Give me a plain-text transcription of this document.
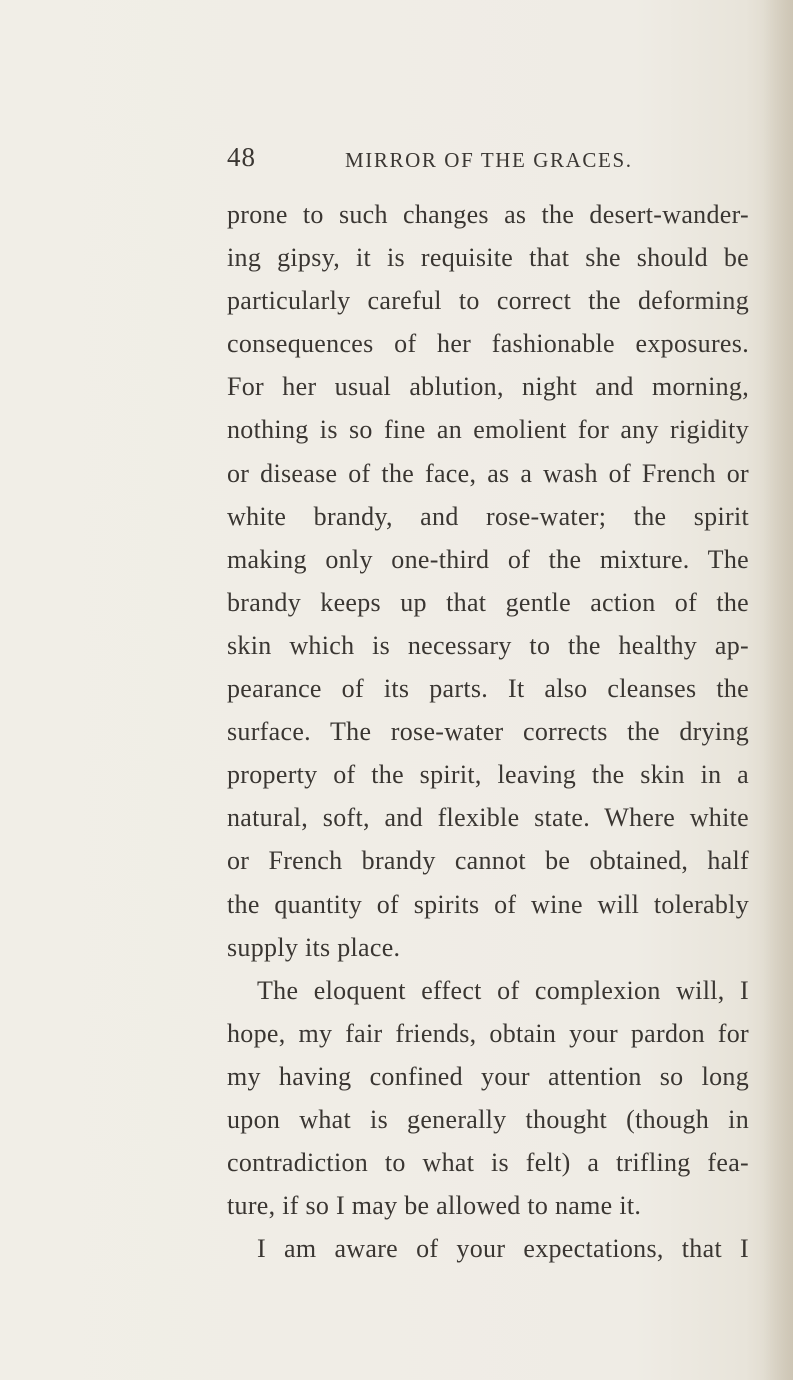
48	MIRROR OF THE GRACES.
prone to such changes as the desert-wander-
ing gipsy, it is requisite that she should be
particularly careful to correct the deforming
consequences of her fashionable exposures.
For her usual ablution, night and morning,
nothing is so fine an emolient for any rigidity
or disease of the face, as a wash of French or
white brandy, and rose-water; the spirit
making only one-third of the mixture. The
brandy keeps up that gentle action of the
skin which is necessary to the healthy ap-
pearance of its parts. It also cleanses the
surface. The rose-water corrects the drying
property of the spirit, leaving the skin in a
natural, soft, and flexible state. Where white
or French brandy cannot be obtained, half
the quantity of spirits of wine will tolerably
supply its place.
The eloquent effect of complexion will, I
hope, my fair friends, obtain your pardon for
my having confined your attention so long
upon what is generally thought (though in
contradiction to what is felt) a trifling fea-
ture, if so I may be allowed to name it.
I am aware of your expectations, that I
